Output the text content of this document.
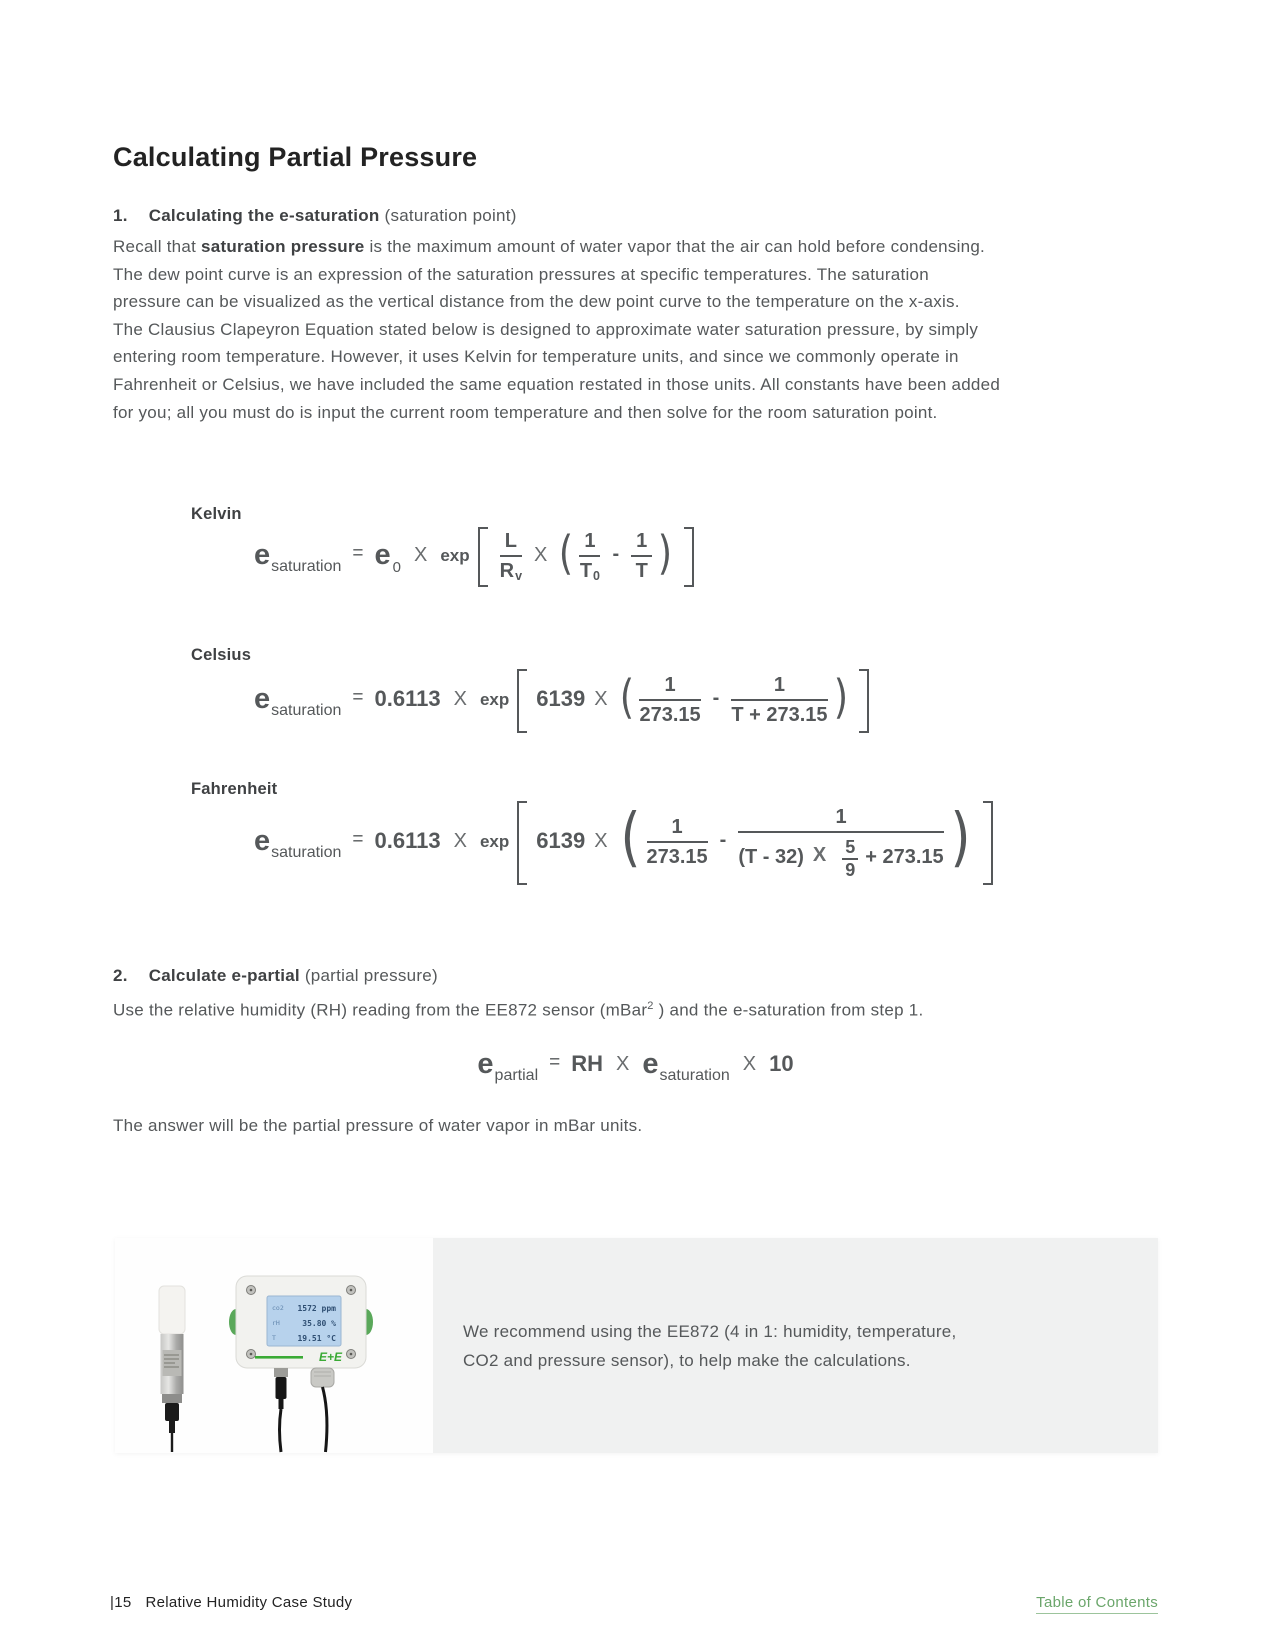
Calculating Partial Pressure
1. Calculating the e-saturation (saturation point)
Recall that saturation pressure is the maximum amount of water vapor that the air can hold before condensing.
The dew point curve is an expression of the saturation pressures at specific temperatures. The saturation
pressure can be visualized as the vertical distance from the dew point curve to the temperature on the x-axis.
The Clausius Clapeyron Equation stated below is designed to approximate water saturation pressure, by simply
entering room temperature. However, it uses Kelvin for temperature units, and since we commonly operate in
Fahrenheit or Celsius, we have included the same equation restated in those units. All constants have been added
for you; all you must do is input the current room temperature and then solve for the room saturation point.
Kelvin
esaturation
= e 0
X $\exp \frac{L}{\text{R v}}$ X ( $\frac{1}{T 0} - \frac{1}{T}$ )
Celsius
esaturation
= 0.6113 X exp 6139 X ( $\frac{1}{273.15} - \frac{1}{T + 273.15}$ )
Fahrenheit
esaturation
= 0.6113 X exp 6139 X ( $\frac{1}{273.15} - 1$
(T - 32) X 5
9
+ 273.15 )
2. Calculate e-partial (partial pressure)
Use the relative humidity (RH) reading from the EE872 sensor (mBar$^2$ ) and the e-saturation from step 1.
epartial
= RH X esaturation
X 10
The answer will be the partial pressure of water vapor in mBar units.
co2 1572 ppm
rH	35.80 %
T	19.51 °C
E+E
We recommend using the EE872 (4 in 1: humidity, temperature,
CO2 and pressure sensor), to help make the calculations.
|15 Relative Humidity Case Study	Table of Contents
